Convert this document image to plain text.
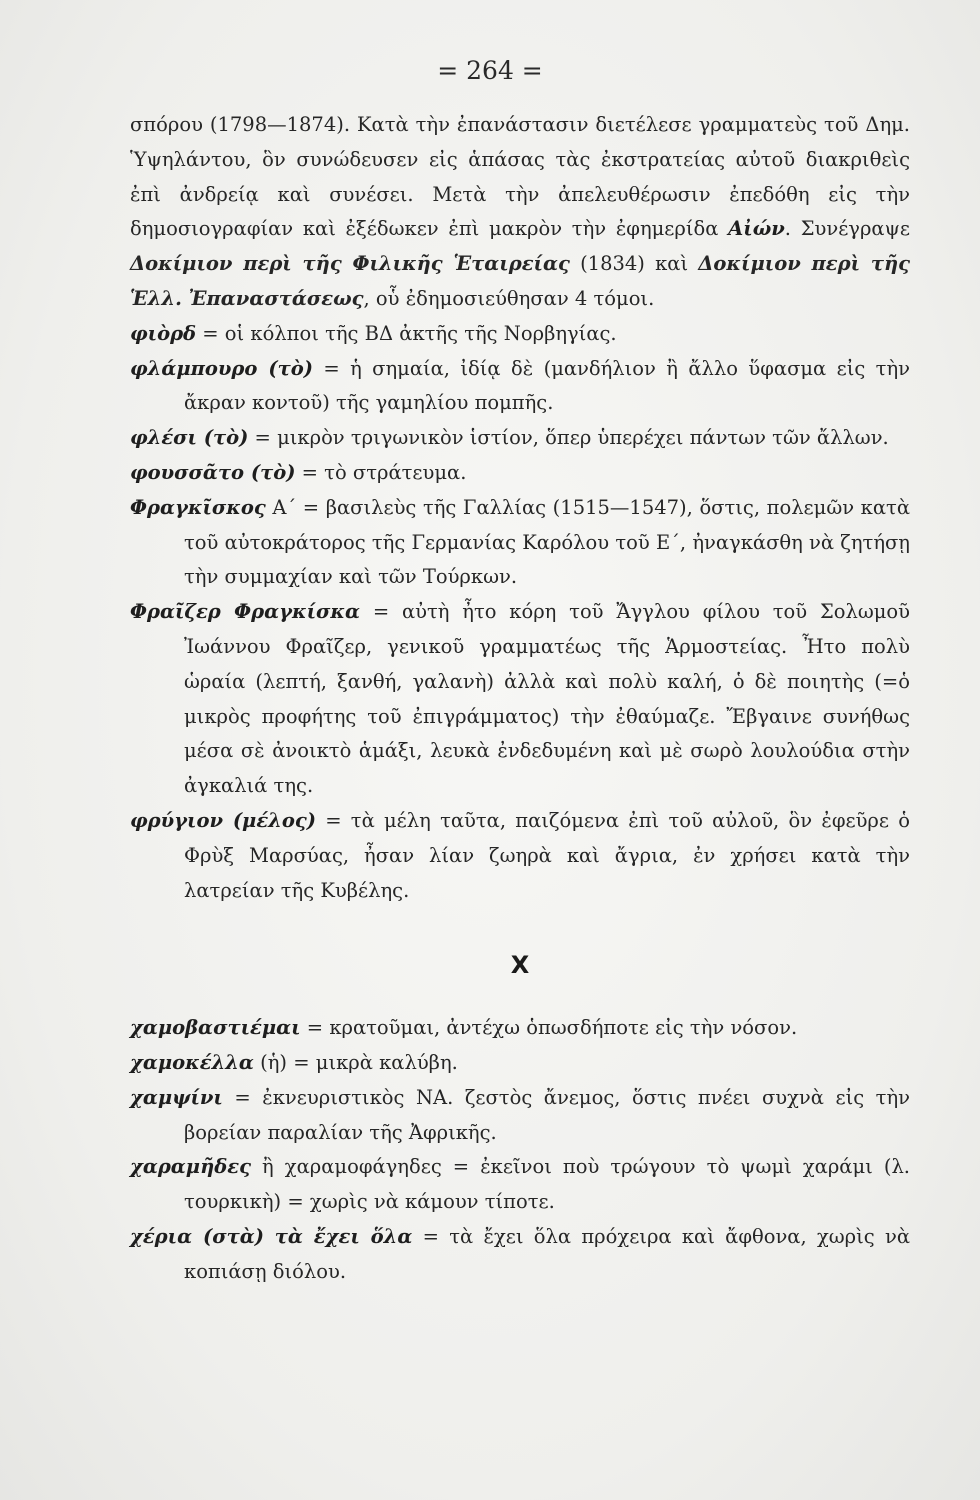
= 264 =

σπόρου (1798—1874). Κατὰ τὴν ἐπανάστασιν διετέλεσε γραμματεὺς τοῦ Δημ. Ὑψηλάντου, ὃν συνώδευσεν εἰς ἁπάσας τὰς ἐκστρατείας αὐτοῦ διακριθεὶς ἐπὶ ἀνδρείᾳ καὶ συνέσει. Μετὰ τὴν ἀπελευθέρωσιν ἐπεδόθη εἰς τὴν δημοσιογραφίαν καὶ ἐξέδωκεν ἐπὶ μακρὸν τὴν ἐφημερίδα Αἰών. Συνέγραψε Δοκίμιον περὶ τῆς Φιλικῆς Ἑταιρείας (1834) καὶ Δοκίμιον περὶ τῆς Ἑλλ. Ἐπαναστάσεως, οὗ ἐδημοσιεύθησαν 4 τόμοι.

φιὸρδ = οἱ κόλποι τῆς ΒΔ ἀκτῆς τῆς Νορβηγίας.

φλάμπουρο (τὸ) = ἡ σημαία, ἰδίᾳ δὲ (μανδήλιον ἢ ἄλλο ὕφασμα εἰς τὴν ἄκραν κοντοῦ) τῆς γαμηλίου πομπῆς.

φλέσι (τὸ) = μικρὸν τριγωνικὸν ἱστίον, ὅπερ ὑπερέχει πάντων τῶν ἄλλων.

φουσσᾶτο (τὸ) = τὸ στράτευμα.

Φραγκῖσκος Α΄ = βασιλεὺς τῆς Γαλλίας (1515—1547), ὅστις, πολεμῶν κατὰ τοῦ αὐτοκράτορος τῆς Γερμανίας Καρόλου τοῦ Ε΄, ἠναγκάσθη νὰ ζητήσῃ τὴν συμμαχίαν καὶ τῶν Τούρκων.

Φραῖζερ Φραγκίσκα = αὐτὴ ἦτο κόρη τοῦ Ἄγγλου φίλου τοῦ Σολωμοῦ Ἰωάννου Φραῖζερ, γενικοῦ γραμματέως τῆς Ἁρμοστείας. Ἦτο πολὺ ὡραία (λεπτή, ξανθή, γαλανὴ) ἀλλὰ καὶ πολὺ καλή, ὁ δὲ ποιητὴς (=ὁ μικρὸς προφήτης τοῦ ἐπιγράμματος) τὴν ἐθαύμαζε. Ἔβγαινε συνήθως μέσα σὲ ἀνοικτὸ ἁμάξι, λευκὰ ἐνδεδυμένη καὶ μὲ σωρὸ λουλούδια στὴν ἀγκαλιά της.

φρύγιον (μέλος) = τὰ μέλη ταῦτα, παιζόμενα ἐπὶ τοῦ αὐλοῦ, ὃν ἐφεῦρε ὁ Φρὺξ Μαρσύας, ἦσαν λίαν ζωηρὰ καὶ ἄγρια, ἐν χρήσει κατὰ τὴν λατρείαν τῆς Κυβέλης.

Χ

χαμοβαστιέμαι = κρατοῦμαι, ἀντέχω ὁπωσδήποτε εἰς τὴν νόσον.

χαμοκέλλα (ἡ) = μικρὰ καλύβη.

χαμψίνι = ἐκνευριστικὸς ΝΑ. ζεστὸς ἄνεμος, ὅστις πνέει συχνὰ εἰς τὴν βορείαν παραλίαν τῆς Ἀφρικῆς.

χαραμῆδες ἢ χαραμοφάγηδες = ἐκεῖνοι ποὺ τρώγουν τὸ ψωμὶ χαράμι (λ. τουρκικὴ) = χωρὶς νὰ κάμουν τίποτε.

χέρια (στὰ) τὰ ἔχει ὅλα = τὰ ἔχει ὅλα πρόχειρα καὶ ἄφθονα, χωρὶς νὰ κοπιάσῃ διόλου.
